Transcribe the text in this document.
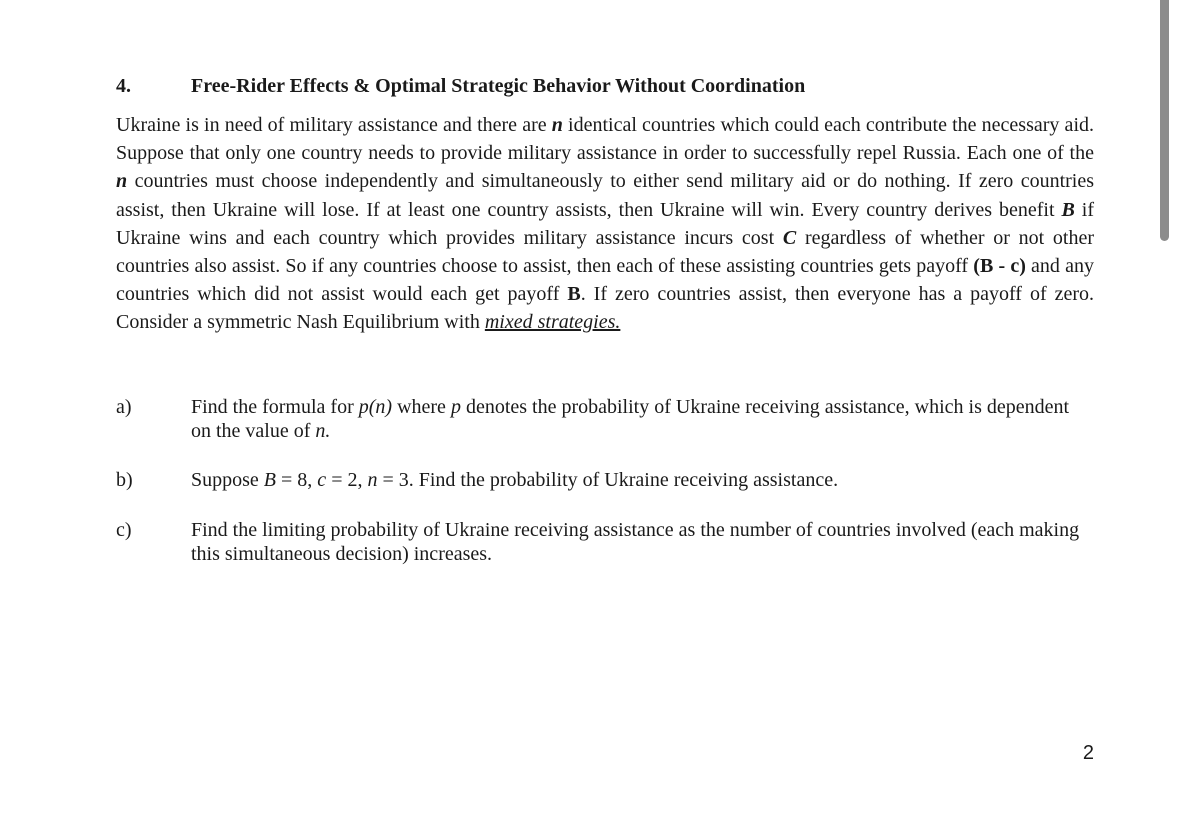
4.	Free-Rider Effects & Optimal Strategic Behavior Without Coordination
Ukraine is in need of military assistance and there are n identical countries which could each contribute the necessary aid. Suppose that only one country needs to provide military assistance in order to successfully repel Russia. Each one of the n countries must choose independently and simultaneously to either send military aid or do nothing. If zero countries assist, then Ukraine will lose. If at least one country assists, then Ukraine will win. Every country derives benefit B if Ukraine wins and each country which provides military assistance incurs cost C regardless of whether or not other countries also assist. So if any countries choose to assist, then each of these assisting countries gets payoff (B - c) and any countries which did not assist would each get payoff B. If zero countries assist, then everyone has a payoff of zero. Consider a symmetric Nash Equilibrium with mixed strategies.
a)	Find the formula for p(n) where p denotes the probability of Ukraine receiving assistance, which is dependent on the value of n.
b)	Suppose B = 8, c = 2, n = 3. Find the probability of Ukraine receiving assistance.
c)	Find the limiting probability of Ukraine receiving assistance as the number of countries involved (each making this simultaneous decision) increases.
2
